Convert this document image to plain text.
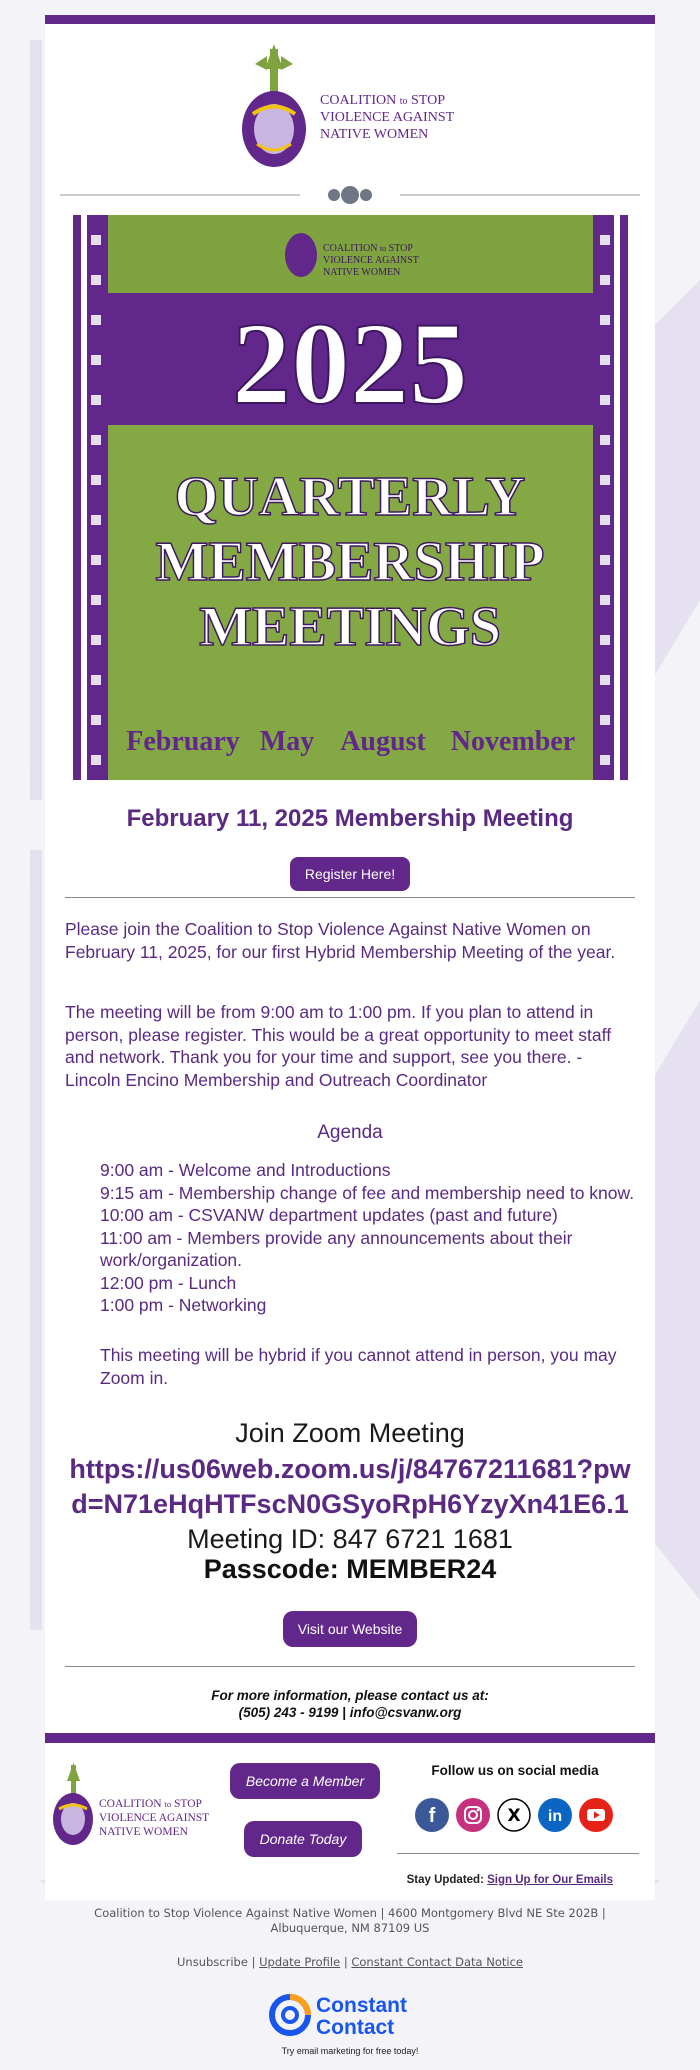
COALITION to STOP
VIOLENCE AGAINST
NATIVE WOMEN
COALITION to STOP
VIOLENCE AGAINST
NATIVE WOMEN
2025
QUARTERLY
MEMBERSHIP
MEETINGS
February May August November
February 11, 2025 Membership Meeting
Register Here!
Please join the Coalition to Stop Violence Against Native Women on February 11, 2025, for our first Hybrid Membership Meeting of the year.
The meeting will be from 9:00 am to 1:00 pm. If you plan to attend in person, please register. This would be a great opportunity to meet staff and network. Thank you for your time and support, see you there. - Lincoln Encino Membership and Outreach Coordinator
Agenda
9:00 am - Welcome and Introductions
9:15 am - Membership change of fee and membership need to know.
10:00 am - CSVANW department updates (past and future)
11:00 am - Members provide any announcements about their work/organization.
12:00 pm - Lunch
1:00 pm - Networking
This meeting will be hybrid if you cannot attend in person, you may Zoom in.
Join Zoom Meeting
https://us06web.zoom.us/j/84767211681?pwd=N71eHqHTFscN0GSyoRpH6YzyXn41E6.1Meeting ID: 847 6721 1681
Passcode: MEMBER24
Visit our Website
For more information, please contact us at:
(505) 243 - 9199 | info@csvanw.org
COALITION to STOP
VIOLENCE AGAINST
NATIVE WOMEN
Become a Member
Donate Today
Follow us on social media
f	X in
Stay Updated: Sign Up for Our Emails
Coalition to Stop Violence Against Native Women | 4600 Montgomery Blvd NE Ste 202B |
Albuquerque, NM 87109 US
Unsubscribe | Update Profile | Constant Contact Data Notice
Constant
Contact
Try email marketing for free today!
